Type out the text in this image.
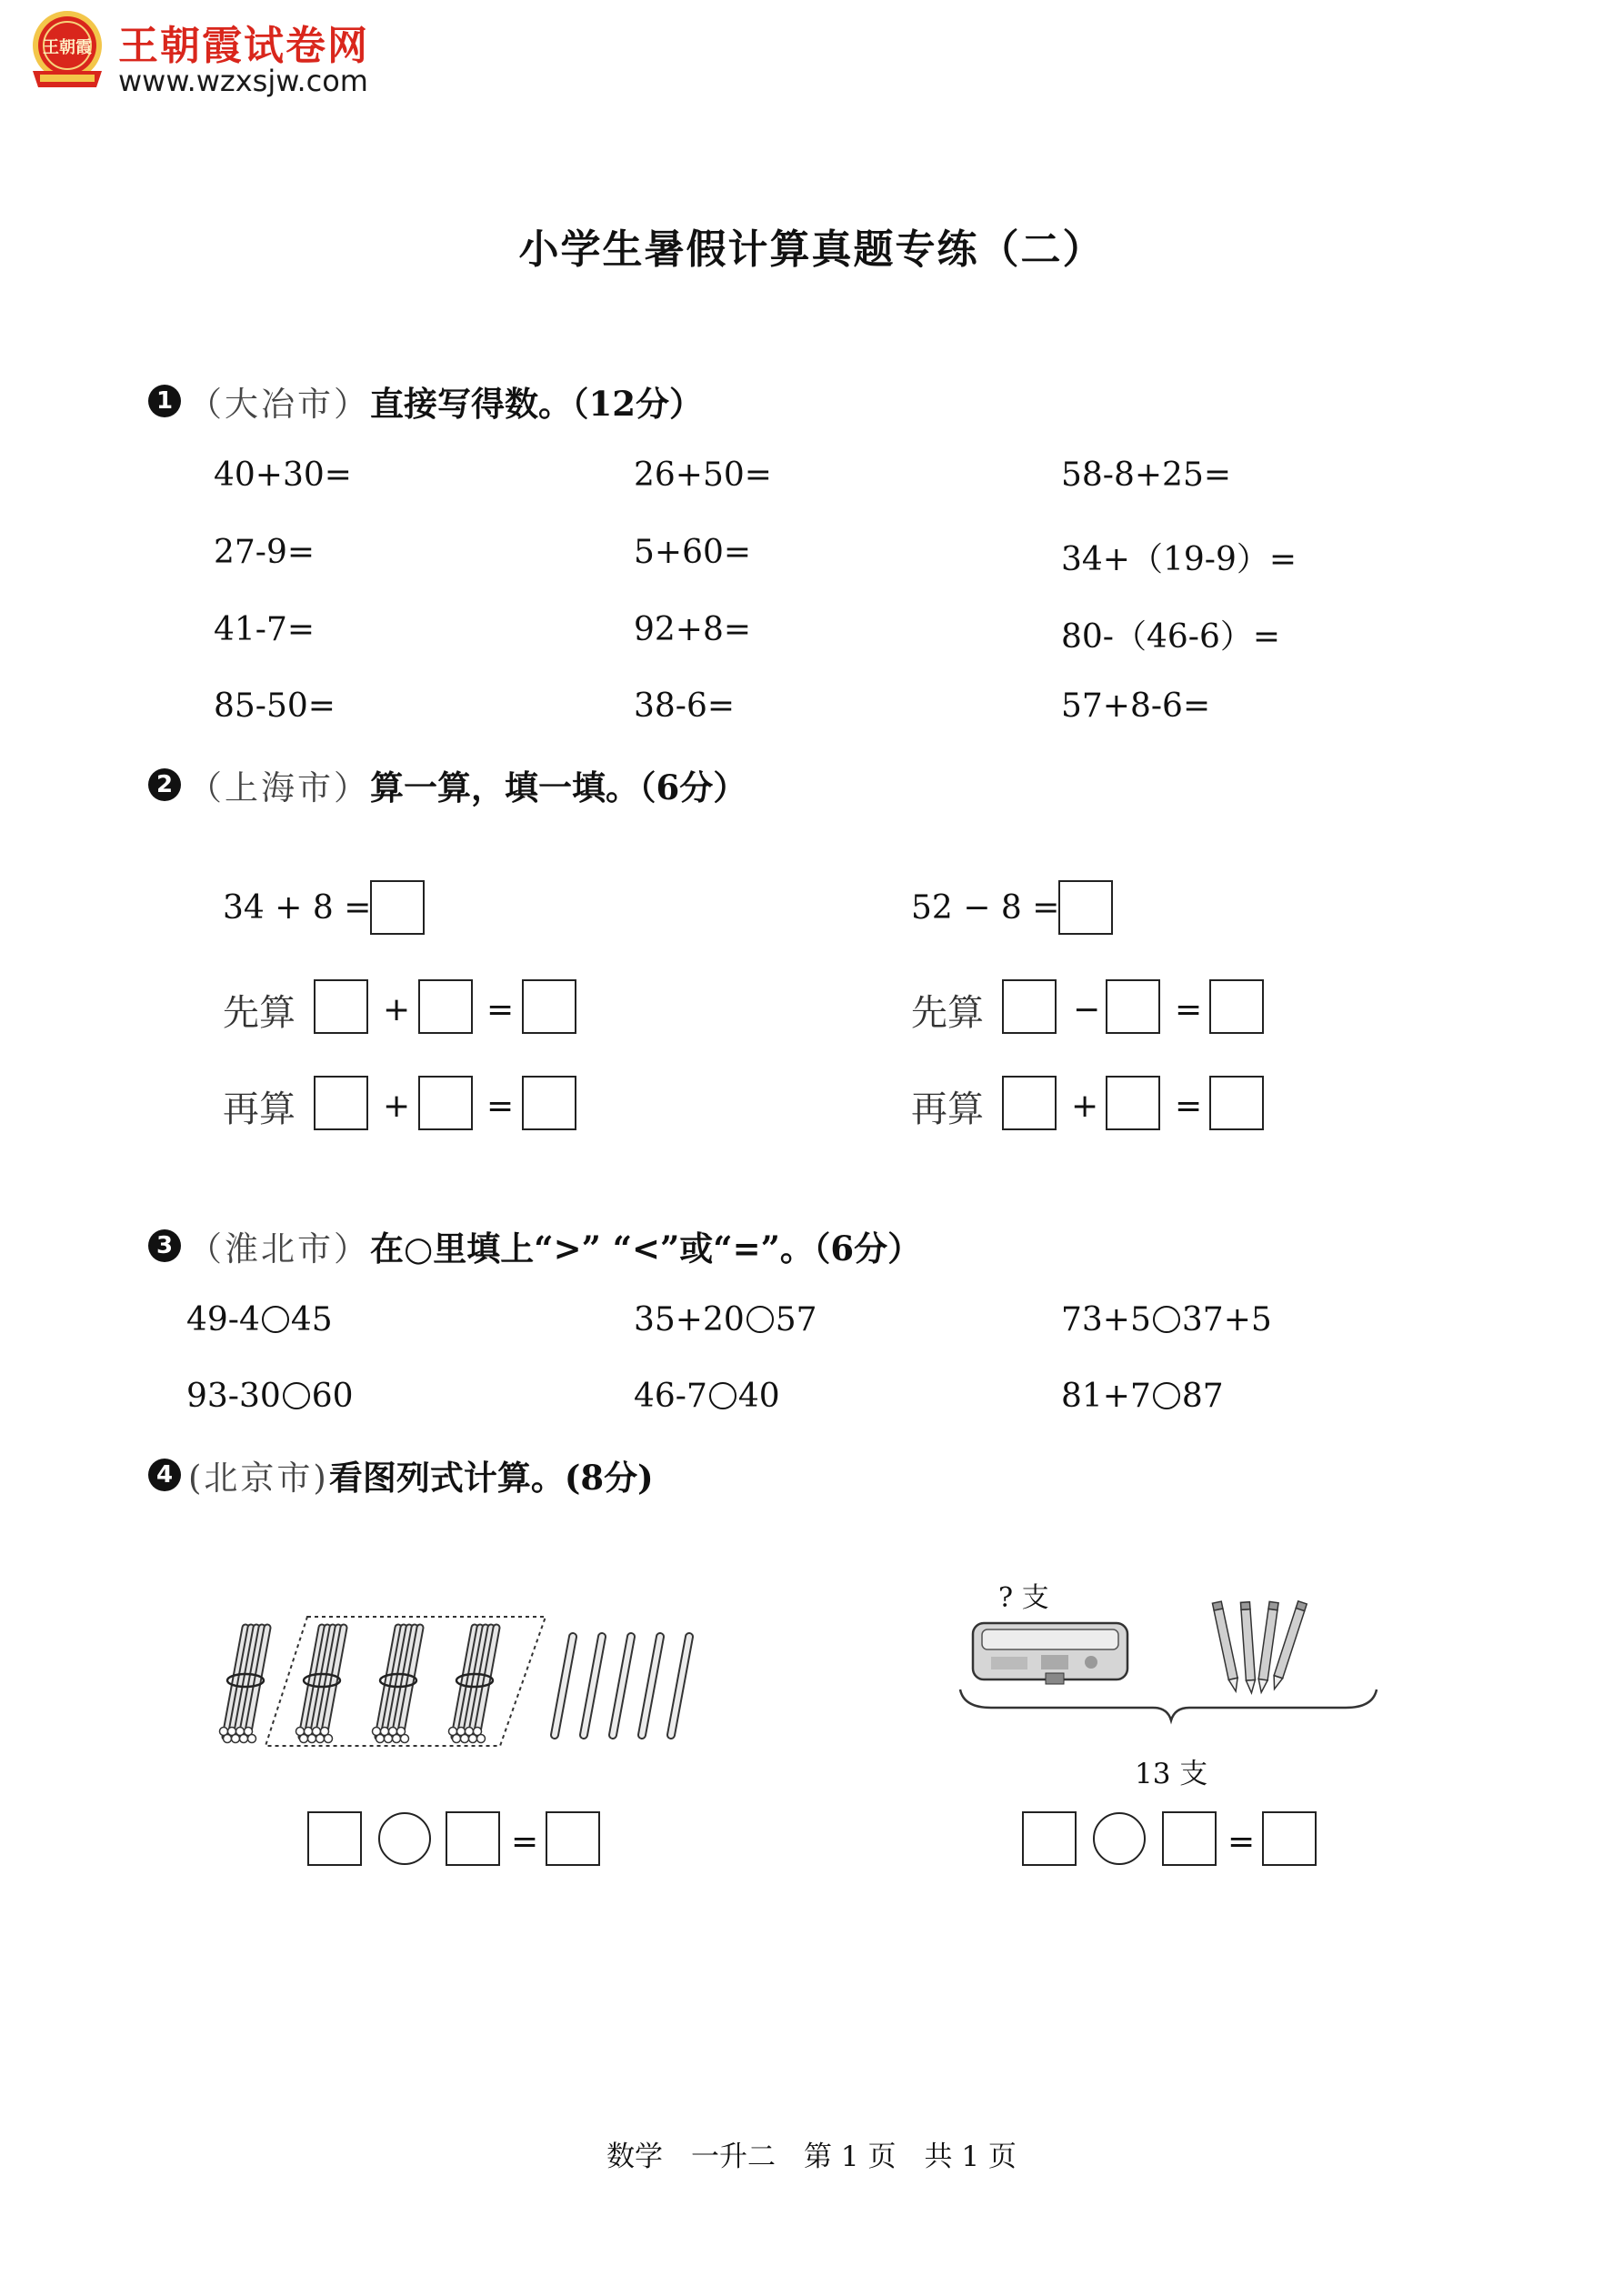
王朝霞 王朝霞试卷网
www.wzxsjw.com
小学生暑假计算真题专练（二）
1 （大冶市） 直接写得数。（12分）
40+30=	26+50=	58-8+25=
27-9=	5+60=	34+（19-9）=
41-7=	92+8=	80-（46-6）=
85-50=	38-6=	57+8-6=
2 （上海市） 算一算，填一填。（6分）
34 + 8 =
先算	+ =
再算	+ =
52 − 8 =
先算	− =
再算	+ =
3 （淮北市） 在○里填上“>” “<”或“=”。（6分）
49-4 45	35+20 57	73+5 37+5
93-30 60	46-7 40	81+7 87
4 (北京市) 看图列式计算。(8分)
? 支
13 支
=	=
数学　一升二　第 1 页　共 1 页
